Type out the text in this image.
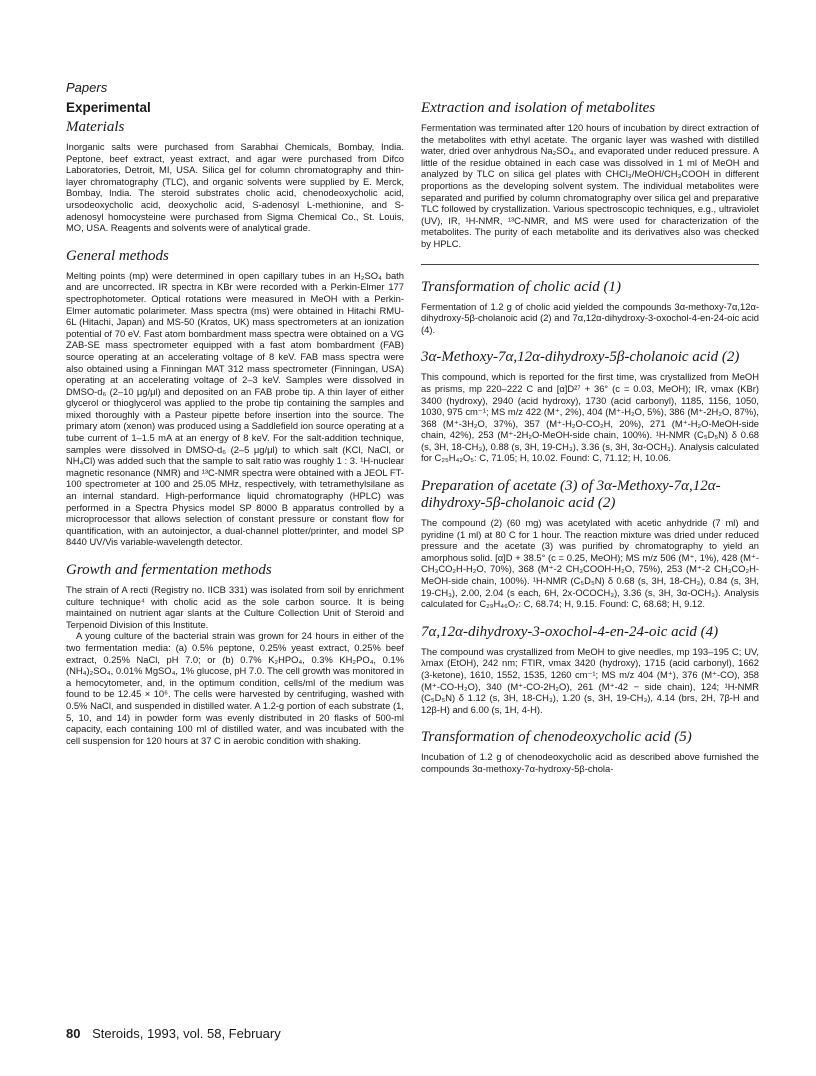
Papers
Experimental
Materials

Inorganic salts were purchased from Sarabhai Chemicals, Bombay, India. Peptone, beef extract, yeast extract, and agar were purchased from Difco Laboratories, Detroit, MI, USA. Silica gel for column chromatography and thin-layer chromatography (TLC), and organic solvents were supplied by E. Merck, Bombay, India. The steroid substrates cholic acid, chenodeoxycholic acid, ursodeoxycholic acid, deoxycholic acid, S-adenosyl L-methionine, and S-adenosyl homocysteine were purchased from Sigma Chemical Co., St. Louis, MO, USA. Reagents and solvents were of analytical grade.

General methods

Melting points (mp) were determined in open capillary tubes in an H₂SO₄ bath and are uncorrected. IR spectra in KBr were recorded with a Perkin-Elmer 177 spectrophotometer. Optical rotations were measured in MeOH with a Perkin-Elmer automatic polarimeter. Mass spectra (ms) were obtained in Hitachi RMU-6L (Hitachi, Japan) and MS-50 (Kratos, UK) mass spectrometers at an ionization potential of 70 eV. Fast atom bombardment mass spectra were obtained on a VG ZAB-SE mass spectrometer equipped with a fast atom bombardment (FAB) source operating at an accelerating voltage of 8 keV. FAB mass spectra were also obtained using a Finningan MAT 312 mass spectrometer (Finningan, USA) operating at an accelerating voltage of 2–3 keV. Samples were dissolved in DMSO-d₆ (2–10 μg/μl) and deposited on an FAB probe tip. A thin layer of either glycerol or thioglycerol was applied to the probe tip containing the samples and mixed thoroughly with a Pasteur pipette before insertion into the source. The primary atom (xenon) was produced using a Saddlefield ion source operating at a tube current of 1–1.5 mA at an energy of 8 keV. For the salt-addition technique, samples were dissolved in DMSO-d₆ (2–5 μg/μl) to which salt (KCl, NaCl, or NH₄Cl) was added such that the sample to salt ratio was roughly 1 : 3. ¹H-nuclear magnetic resonance (NMR) and ¹³C-NMR spectra were obtained with a JEOL FT-100 spectrometer at 100 and 25.05 MHz, respectively, with tetramethylsilane as an internal standard. High-performance liquid chromatography (HPLC) was performed in a Spectra Physics model SP 8000 B apparatus controlled by a microprocessor that allows selection of constant pressure or constant flow for quantification, with an autoinjector, a dual-channel plotter/printer, and model SP 8440 UV/Vis variable-wavelength detector.

Growth and fermentation methods

The strain of A recti (Registry no. IICB 331) was isolated from soil by enrichment culture technique⁴ with cholic acid as the sole carbon source. It is being maintained on nutrient agar slants at the Culture Collection Unit of Steroid and Terpenoid Division of this Institute.

A young culture of the bacterial strain was grown for 24 hours in either of the two fermentation media: (a) 0.5% peptone, 0.25% yeast extract, 0.25% beef extract, 0.25% NaCl, pH 7.0; or (b) 0.7% K₂HPO₄, 0.3% KH₂PO₄, 0.1% (NH₄)₂SO₄, 0.01% MgSO₄, 1% glucose, pH 7.0. The cell growth was monitored in a hemocytometer, and, in the optimum condition, cells/ml of the medium was found to be 12.45 × 10⁶. The cells were harvested by centrifuging, washed with 0.5% NaCl, and suspended in distilled water. A 1.2-g portion of each substrate (1, 5, 10, and 14) in powder form was evenly distributed in 20 flasks of 500-ml capacity, each containing 100 ml of distilled water, and was incubated with the cell suspension for 120 hours at 37 C in aerobic condition with shaking.

Extraction and isolation of metabolites

Fermentation was terminated after 120 hours of incubation by direct extraction of the metabolites with ethyl acetate. The organic layer was washed with distilled water, dried over anhydrous Na₂SO₄, and evaporated under reduced pressure. A little of the residue obtained in each case was dissolved in 1 ml of MeOH and analyzed by TLC on silica gel plates with CHCl₃/MeOH/CH₃COOH in different proportions as the developing solvent system. The individual metabolites were separated and purified by column chromatography over silica gel and preparative TLC followed by crystallization. Various spectroscopic techniques, e.g., ultraviolet (UV), IR, ¹H-NMR, ¹³C-NMR, and MS were used for characterization of the metabolites. The purity of each metabolite and its derivatives also was checked by HPLC.

Transformation of cholic acid (1)

Fermentation of 1.2 g of cholic acid yielded the compounds 3α-methoxy-7α,12α-dihydroxy-5β-cholanoic acid (2) and 7α,12α-dihydroxy-3-oxochol-4-en-24-oic acid (4).

3α-Methoxy-7α,12α-dihydroxy-5β-cholanoic acid (2)

This compound, which is reported for the first time, was crystallized from MeOH as prisms, mp 220–222 C and [α]D²⁷ + 36° (c = 0.03, MeOH); IR, νmax (KBr) 3400 (hydroxy), 2940 (acid hydroxy), 1730 (acid carbonyl), 1185, 1156, 1050, 1030, 975 cm⁻¹; MS m/z 422 (M⁺, 2%), 404 (M⁺-H₂O, 5%), 386 (M⁺-2H₂O, 87%), 368 (M⁺-3H₂O, 37%), 357 (M⁺-H₂O-CO₂H, 20%), 271 (M⁺-H₂O-MeOH-side chain, 42%), 253 (M⁺-2H₂O-MeOH-side chain, 100%). ¹H-NMR (C₅D₅N) δ 0.68 (s, 3H, 18-CH₃), 0.88 (s, 3H, 19-CH₃), 3.36 (s, 3H, 3α-OCH₃). Analysis calculated for C₂₅H₄₂O₅: C, 71.05; H, 10.02. Found: C, 71.12; H, 10.06.

Preparation of acetate (3) of 3α-Methoxy-7α,12α-dihydroxy-5β-cholanoic acid (2)

The compound (2) (60 mg) was acetylated with acetic anhydride (7 ml) and pyridine (1 ml) at 80 C for 1 hour. The reaction mixture was dried under reduced pressure and the acetate (3) was purified by chromatography to yield an amorphous solid. [α]D + 38.5° (c = 0.25, MeOH); MS m/z 506 (M⁺, 1%), 428 (M⁺-CH₃CO₂H-H₂O, 70%), 368 (M⁺-2 CH₃COOH-H₂O, 75%), 253 (M⁺-2 CH₃CO₂H-MeOH-side chain, 100%). ¹H-NMR (C₅D₅N) δ 0.68 (s, 3H, 18-CH₃), 0.84 (s, 3H, 19-CH₃), 2.00, 2.04 (s each, 6H, 2x-OCOCH₃), 3.36 (s, 3H, 3α-OCH₃). Analysis calculated for C₂₉H₄₆O₇: C, 68.74; H, 9.15. Found: C, 68.68; H, 9.12.

7α,12α-dihydroxy-3-oxochol-4-en-24-oic acid (4)

The compound was crystallized from MeOH to give needles, mp 193–195 C; UV, λmax (EtOH), 242 nm; FTIR, νmax 3420 (hydroxy), 1715 (acid carbonyl), 1662 (3-ketone), 1610, 1552, 1535, 1260 cm⁻¹; MS m/z 404 (M⁺), 376 (M⁺-CO), 358 (M⁺-CO-H₂O), 340 (M⁺-CO-2H₂O), 261 (M⁺-42 − side chain), 124; ¹H-NMR (C₅D₅N) δ 1.12 (s, 3H, 18-CH₃), 1.20 (s, 3H, 19-CH₃), 4.14 (brs, 2H, 7β-H and 12β-H) and 6.00 (s, 1H, 4-H).

Transformation of chenodeoxycholic acid (5)

Incubation of 1.2 g of chenodeoxycholic acid as described above furnished the compounds 3α-methoxy-7α-hydroxy-5β-chola-

80 Steroids, 1993, vol. 58, February
